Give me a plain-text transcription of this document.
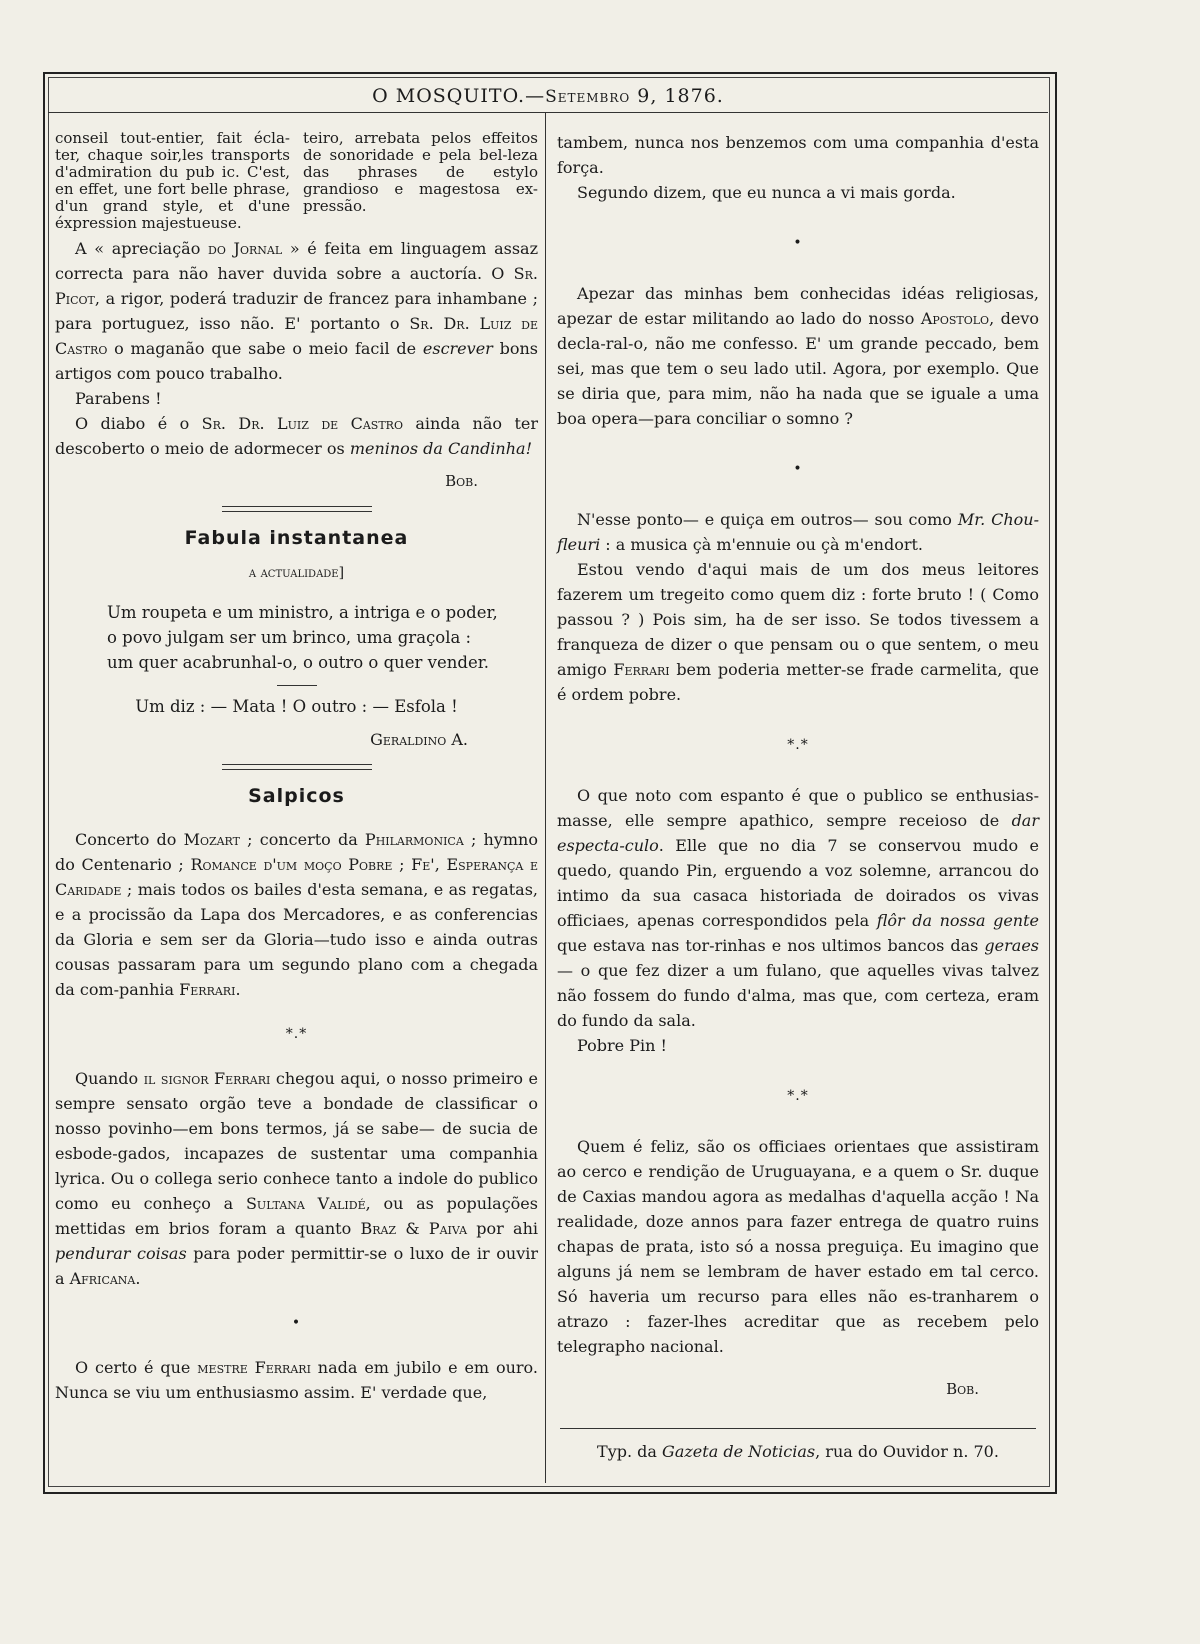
O MOSQUITO.—Setembro 9, 1876.
conseil tout-entier, fait écla-ter, chaque soir,les transports d'admiration du pub ic. C'est, en effet, une fort belle phrase, d'un grand style, et d'une éxpression majestueuse.
teiro, arrebata pelos effeitos de sonoridade e pela bel-leza das phrases de estylo grandioso e magestosa ex-pressão.

A « apreciação do Jornal » é feita em linguagem assaz correcta para não haver duvida sobre a auctoría. O Sr. Picot, a rigor, poderá traduzir de francez para inhambane ; para portuguez, isso não. E' portanto o Sr. Dr. Luiz de Castro o maganão que sabe o meio facil de escrever bons artigos com pouco trabalho.

Parabens !

O diabo é o Sr. Dr. Luiz de Castro ainda não ter descoberto o meio de adormecer os meninos da Candinha!

Bob.
Fabula instantanea
a actualidade]
Um roupeta e um ministro, a intriga e o poder,
o povo julgam ser um brinco, uma graçola :
um quer acabrunhal-o, o outro o quer vender.
Um diz : — Mata ! O outro : — Esfola !
Geraldino A.
Salpicos

Concerto do Mozart ; concerto da Philarmonica ; hymno do Centenario ; Romance d'um moço Pobre ; Fe', Esperança e Caridade ; mais todos os bailes d'esta semana, e as regatas, e a procissão da Lapa dos Mercadores, e as conferencias da Gloria e sem ser da Gloria—tudo isso e ainda outras cousas passaram para um segundo plano com a chegada da com-panhia Ferrari.

*.*

Quando il signor Ferrari chegou aqui, o nosso primeiro e sempre sensato orgão teve a bondade de classificar o nosso povinho—em bons termos, já se sabe— de sucia de esbode-gados, incapazes de sustentar uma companhia lyrica. Ou o collega serio conhece tanto a indole do publico como eu conheço a Sultana Validé, ou as populações mettidas em brios foram a quanto Braz & Paiva por ahi pendurar coisas para poder permittir-se o luxo de ir ouvir a Africana.

•

O certo é que mestre Ferrari nada em jubilo e em ouro. Nunca se viu um enthusiasmo assim. E' verdade que,

tambem, nunca nos benzemos com uma companhia d'esta força.

Segundo dizem, que eu nunca a vi mais gorda.

•

Apezar das minhas bem conhecidas idéas religiosas, apezar de estar militando ao lado do nosso Apostolo, devo decla-ral-o, não me confesso. E' um grande peccado, bem sei, mas que tem o seu lado util. Agora, por exemplo. Que se diria que, para mim, não ha nada que se iguale a uma boa opera—para conciliar o somno ?

•

N'esse ponto— e quiça em outros— sou como Mr. Chou-fleuri : a musica çà m'ennuie ou çà m'endort.

Estou vendo d'aqui mais de um dos meus leitores fazerem um tregeito como quem diz : forte bruto ! ( Como passou ? ) Pois sim, ha de ser isso. Se todos tivessem a franqueza de dizer o que pensam ou o que sentem, o meu amigo Ferrari bem poderia metter-se frade carmelita, que é ordem pobre.

*.*

O que noto com espanto é que o publico se enthusias-masse, elle sempre apathico, sempre receioso de dar especta-culo. Elle que no dia 7 se conservou mudo e quedo, quando Pin, erguendo a voz solemne, arrancou do intimo da sua casaca historiada de doirados os vivas officiaes, apenas correspondidos pela flôr da nossa gente que estava nas tor-rinhas e nos ultimos bancos das geraes— o que fez dizer a um fulano, que aquelles vivas talvez não fossem do fundo d'alma, mas que, com certeza, eram do fundo da sala.

Pobre Pin !

*.*

Quem é feliz, são os officiaes orientaes que assistiram ao cerco e rendição de Uruguayana, e a quem o Sr. duque de Caxias mandou agora as medalhas d'aquella acção ! Na realidade, doze annos para fazer entrega de quatro ruins chapas de prata, isto só a nossa preguiça. Eu imagino que alguns já nem se lembram de haver estado em tal cerco. Só haveria um recurso para elles não es-tranharem o atrazo : fazer-lhes acreditar que as recebem pelo telegrapho nacional.

Bob.
Typ. da Gazeta de Noticias, rua do Ouvidor n. 70.
